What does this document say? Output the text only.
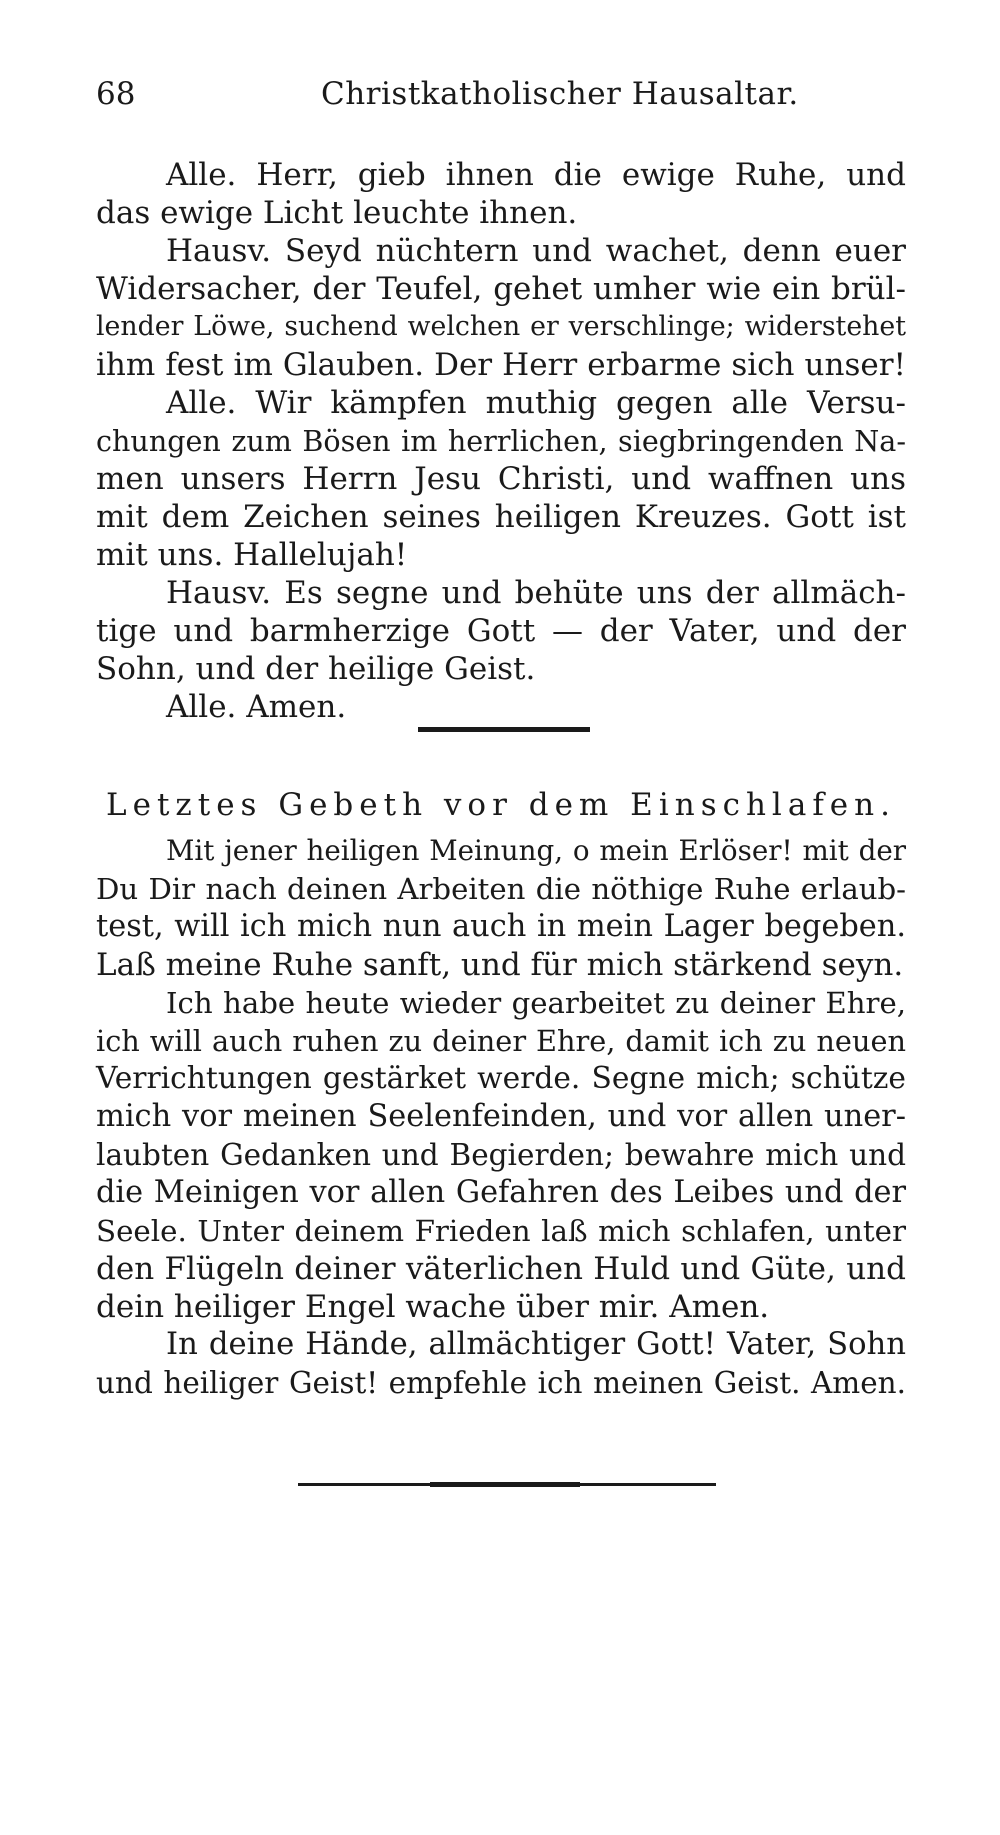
68	Christkatholischer Hausaltar.
Alle. Herr, gieb ihnen die ewige Ruhe, und
das ewige Licht leuchte ihnen.
Hausv. Seyd nüchtern und wachet, denn euer
Widersacher, der Teufel, gehet umher wie ein brül-
lender Löwe, suchend welchen er verschlinge; widerstehet
ihm fest im Glauben. Der Herr erbarme sich unser!
Alle. Wir kämpfen muthig gegen alle Versu-
chungen zum Bösen im herrlichen, siegbringenden Na-
men unsers Herrn Jesu Christi, und waffnen uns
mit dem Zeichen seines heiligen Kreuzes. Gott ist
mit uns. Hallelujah!
Hausv. Es segne und behüte uns der allmäch-
tige und barmherzige Gott — der Vater, und der
Sohn, und der heilige Geist.
Alle. Amen.
Letztes Gebeth vor dem Einschlafen.
Mit jener heiligen Meinung, o mein Erlöser! mit der
Du Dir nach deinen Arbeiten die nöthige Ruhe erlaub-
test, will ich mich nun auch in mein Lager begeben.
Laß meine Ruhe sanft, und für mich stärkend seyn.
Ich habe heute wieder gearbeitet zu deiner Ehre,
ich will auch ruhen zu deiner Ehre, damit ich zu neuen
Verrichtungen gestärket werde. Segne mich; schütze
mich vor meinen Seelenfeinden, und vor allen uner-
laubten Gedanken und Begierden; bewahre mich und
die Meinigen vor allen Gefahren des Leibes und der
Seele. Unter deinem Frieden laß mich schlafen, unter
den Flügeln deiner väterlichen Huld und Güte, und
dein heiliger Engel wache über mir. Amen.
In deine Hände, allmächtiger Gott! Vater, Sohn
und heiliger Geist! empfehle ich meinen Geist. Amen.
